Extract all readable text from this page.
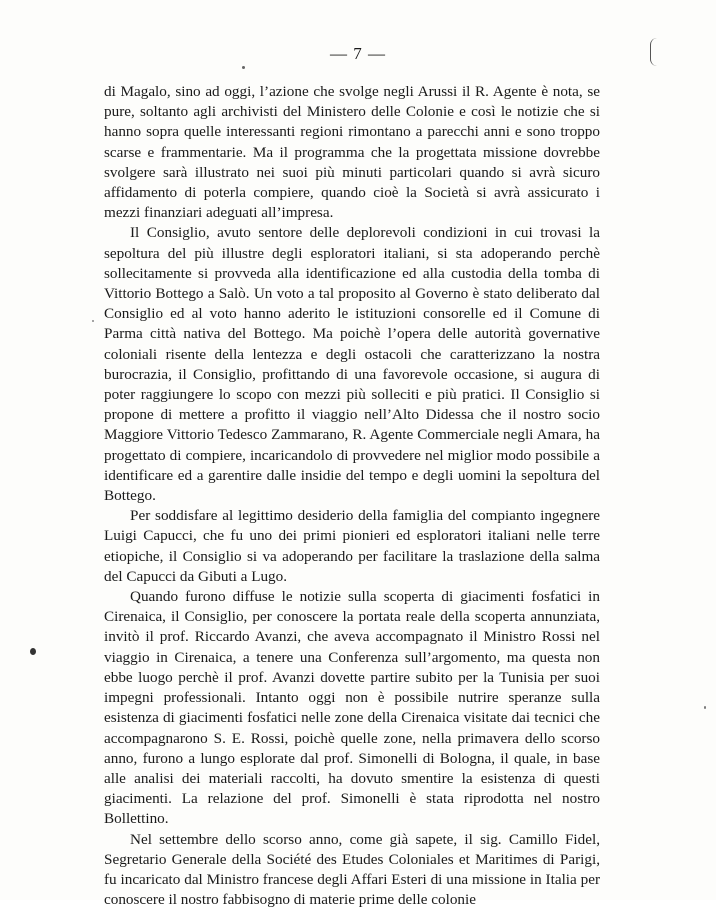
— 7 —

di Magalo, sino ad oggi, l’azione che svolge negli Arussi il R. Agente è nota, se pure, soltanto agli archivisti del Ministero delle Colonie e così le notizie che si hanno sopra quelle interessanti regioni rimontano a parecchi anni e sono troppo scarse e frammentarie. Ma il programma che la progettata missione dovrebbe svolgere sarà illustrato nei suoi più minuti particolari quando si avrà sicuro affidamento di poterla compiere, quando cioè la Società si avrà assicurato i mezzi finanziari adeguati all’impresa.

Il Consiglio, avuto sentore delle deplorevoli condizioni in cui trovasi la sepoltura del più illustre degli esploratori italiani, si sta adoperando perchè sollecitamente si provveda alla identificazione ed alla custodia della tomba di Vittorio Bottego a Salò. Un voto a tal proposito al Governo è stato deliberato dal Consiglio ed al voto hanno aderito le istituzioni consorelle ed il Comune di Parma città nativa del Bottego. Ma poichè l’opera delle autorità governative coloniali risente della lentezza e degli ostacoli che caratterizzano la nostra burocrazia, il Consiglio, profittando di una favorevole occasione, si augura di poter raggiungere lo scopo con mezzi più solleciti e più pratici. Il Consiglio si propone di mettere a profitto il viaggio nell’Alto Didessa che il nostro socio Maggiore Vittorio Tedesco Zammarano, R. Agente Commerciale negli Amara, ha progettato di compiere, incaricandolo di provvedere nel miglior modo possibile a identificare ed a garentire dalle insidie del tempo e degli uomini la sepoltura del Bottego.

Per soddisfare al legittimo desiderio della famiglia del compianto ingegnere Luigi Capucci, che fu uno dei primi pionieri ed esploratori italiani nelle terre etiopiche, il Consiglio si va adoperando per facilitare la traslazione della salma del Capucci da Gibuti a Lugo.

Quando furono diffuse le notizie sulla scoperta di giacimenti fosfatici in Cirenaica, il Consiglio, per conoscere la portata reale della scoperta annunziata, invitò il prof. Riccardo Avanzi, che aveva accompagnato il Ministro Rossi nel viaggio in Cirenaica, a tenere una Conferenza sull’argomento, ma questa non ebbe luogo perchè il prof. Avanzi dovette partire subito per la Tunisia per suoi impegni professionali. Intanto oggi non è possibile nutrire speranze sulla esistenza di giacimenti fosfatici nelle zone della Cirenaica visitate dai tecnici che accompagnarono S. E. Rossi, poichè quelle zone, nella primavera dello scorso anno, furono a lungo esplorate dal prof. Simonelli di Bologna, il quale, in base alle analisi dei materiali raccolti, ha dovuto smentire la esistenza di questi giacimenti. La relazione del prof. Simonelli è stata riprodotta nel nostro Bollettino.

Nel settembre dello scorso anno, come già sapete, il sig. Camillo Fidel, Segretario Generale della Société des Etudes Coloniales et Maritimes di Parigi, fu incaricato dal Ministro francese degli Affari Esteri di una missione in Italia per conoscere il nostro fabbisogno di materie prime delle colonie
